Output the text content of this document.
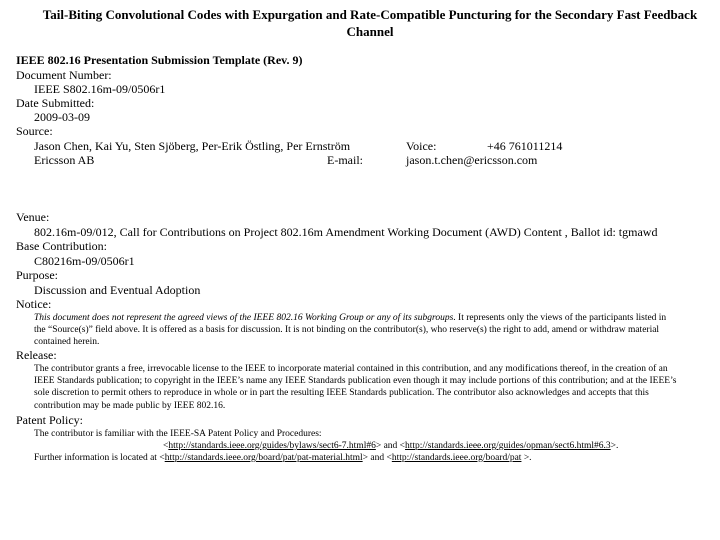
Tail-Biting Convolutional Codes with Expurgation and Rate-Compatible Puncturing for the Secondary Fast Feedback Channel
IEEE 802.16 Presentation Submission Template (Rev. 9)
Document Number:
IEEE S802.16m-09/0506r1
Date Submitted:
2009-03-09
Source:
Jason Chen, Kai Yu, Sten Sjöberg, Per-Erik Östling, Per Ernström
Ericsson AB	E-mail:
Voice:	+46 761011214
jason.t.chen@ericsson.com
Venue:
802.16m-09/012, Call for Contributions on Project 802.16m Amendment Working Document (AWD) Content , Ballot id: tgmawd
Base Contribution:
C80216m-09/0506r1
Purpose:
Discussion and Eventual Adoption
Notice:
This document does not represent the agreed views of the IEEE 802.16 Working Group or any of its subgroups. It represents only the views of the participants listed in
the “Source(s)” field above. It is offered as a basis for discussion. It is not binding on the contributor(s), who reserve(s) the right to add, amend or withdraw material
contained herein.
Release:
The contributor grants a free, irrevocable license to the IEEE to incorporate material contained in this contribution, and any modifications thereof, in the creation of an
IEEE Standards publication; to copyright in the IEEE’s name any IEEE Standards publication even though it may include portions of this contribution; and at the IEEE’s
sole discretion to permit others to reproduce in whole or in part the resulting IEEE Standards publication. The contributor also acknowledges and accepts that this
contribution may be made public by IEEE 802.16.
Patent Policy:
The contributor is familiar with the IEEE-SA Patent Policy and Procedures:
<http://standards.ieee.org/guides/bylaws/sect6-7.html#6> and <http://standards.ieee.org/guides/opman/sect6.html#6.3>.
Further information is located at <http://standards.ieee.org/board/pat/pat-material.html> and <http://standards.ieee.org/board/pat >.
